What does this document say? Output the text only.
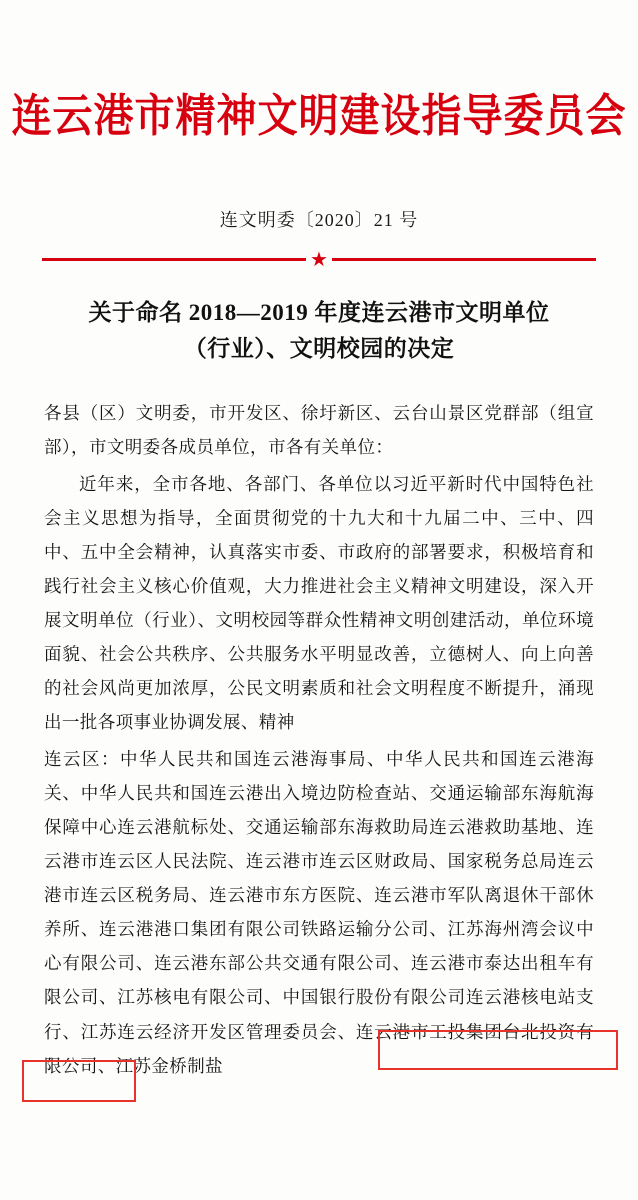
连云港市精神文明建设指导委员会
连文明委〔2020〕21 号
★
关于命名 2018—2019 年度连云港市文明单位
（行业）、文明校园的决定

各县（区）文明委，市开发区、徐圩新区、云台山景区党群部（组宣部），市文明委各成员单位，市各有关单位：

近年来，全市各地、各部门、各单位以习近平新时代中国特色社会主义思想为指导，全面贯彻党的十九大和十九届二中、三中、四中、五中全会精神，认真落实市委、市政府的部署要求，积极培育和践行社会主义核心价值观，大力推进社会主义精神文明建设，深入开展文明单位（行业）、文明校园等群众性精神文明创建活动，单位环境面貌、社会公共秩序、公共服务水平明显改善，立德树人、向上向善的社会风尚更加浓厚，公民文明素质和社会文明程度不断提升，涌现出一批各项事业协调发展、精神

连云区：中华人民共和国连云港海事局、中华人民共和国连云港海关、中华人民共和国连云港出入境边防检查站、交通运输部东海航海保障中心连云港航标处、交通运输部东海救助局连云港救助基地、连云港市连云区人民法院、连云港市连云区财政局、国家税务总局连云港市连云区税务局、连云港市东方医院、连云港市军队离退休干部休养所、连云港港口集团有限公司铁路运输分公司、江苏海州湾会议中心有限公司、连云港东部公共交通有限公司、连云港市泰达出租车有限公司、江苏核电有限公司、中国银行股份有限公司连云港核电站支行、江苏连云经济开发区管理委员会、连云港市工投集团台北投资有限公司、江苏金桥制盐
